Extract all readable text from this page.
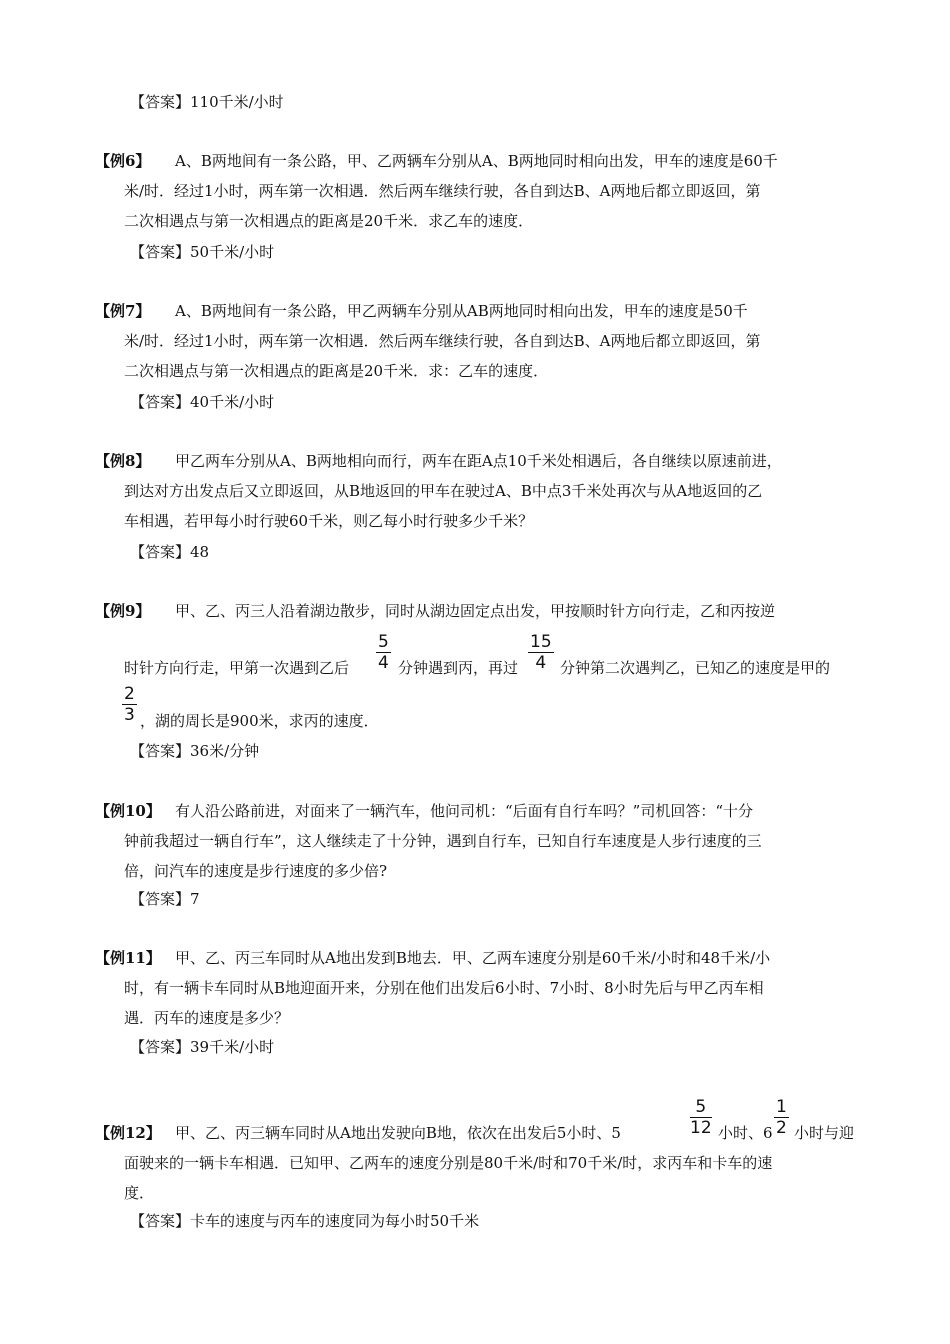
【答案】110千米/小时
【例6】 A、B两地间有一条公路，甲、乙两辆车分别从A、B两地同时相向出发，甲车的速度是60千
米/时．经过1小时，两车第一次相遇．然后两车继续行驶，各自到达B、A两地后都立即返回，第
二次相遇点与第一次相遇点的距离是20千米．求乙车的速度．
【答案】50千米/小时
【例7】 A、B两地间有一条公路，甲乙两辆车分别从AB两地同时相向出发，甲车的速度是50千
米/时．经过1小时，两车第一次相遇．然后两车继续行驶，各自到达B、A两地后都立即返回，第
二次相遇点与第一次相遇点的距离是20千米．求：乙车的速度．
【答案】40千米/小时
【例8】 甲乙两车分别从A、B两地相向而行，两车在距A点10千米处相遇后，各自继续以原速前进，
到达对方出发点后又立即返回，从B地返回的甲车在驶过A、B中点3千米处再次与从A地返回的乙
车相遇，若甲每小时行驶60千米，则乙每小时行驶多少千米？
【答案】48
【例9】 甲、乙、丙三人沿着湖边散步，同时从湖边固定点出发，甲按顺时针方向行走，乙和丙按逆
时针方向行走，甲第一次遇到乙后 $\frac{5}{4}$ 分钟遇到丙，再过 $\frac{15}{4}$ 分钟第二次遇判乙，已知乙的速度是甲的
$\frac{2}{3}$ ，湖的周长是900米，求丙的速度．
【答案】36米/分钟
【例10】 有人沿公路前进，对面来了一辆汽车，他问司机：“后面有自行车吗？”司机回答：“十分
钟前我超过一辆自行车”，这人继续走了十分钟，遇到自行车，已知自行车速度是人步行速度的三
倍，问汽车的速度是步行速度的多少倍?
【答案】7
【例11】 甲、乙、丙三车同时从A地出发到B地去．甲、乙两车速度分别是60千米/小时和48千米/小
时，有一辆卡车同时从B地迎面开来，分别在他们出发后6小时、7小时、8小时先后与甲乙丙车相
遇．丙车的速度是多少？
【答案】39千米/小时
【例12】 甲、乙、丙三辆车同时从A地出发驶向B地，依次在出发后5小时、5	$\frac{5}{12}$ 小时、$6 \frac{1}{2}$ 小时与迎
面驶来的一辆卡车相遇．已知甲、乙两车的速度分别是80千米/时和70千米/时，求丙车和卡车的速
度．
【答案】卡车的速度与丙车的速度同为每小时50千米
